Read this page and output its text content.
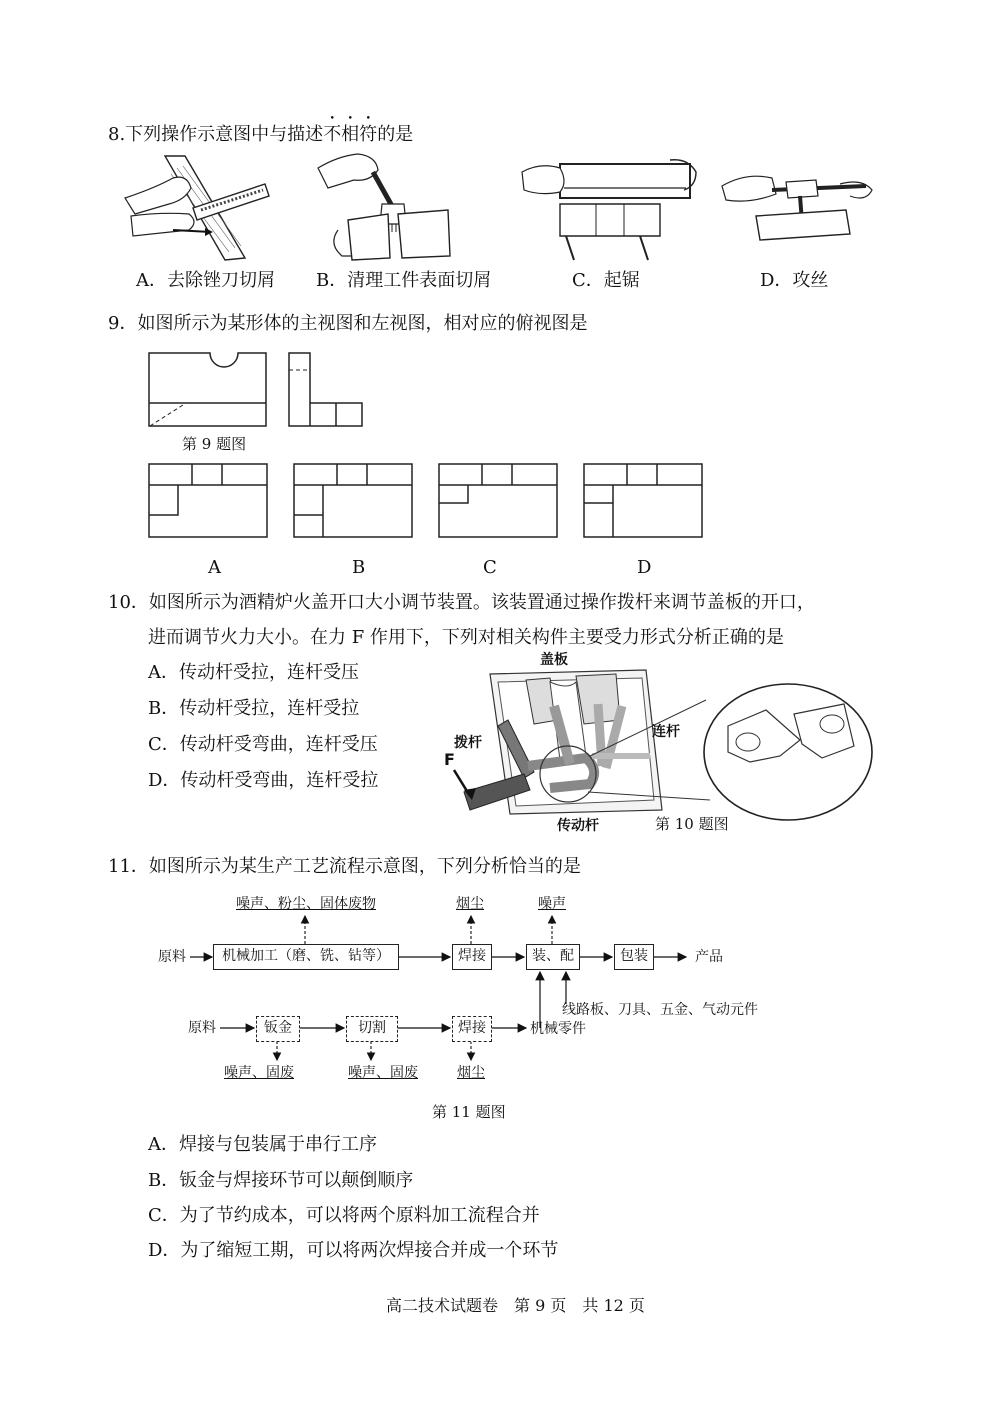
8.下列操作示意图中与描述不相符的是
A．去除锉刀切屑 B．清理工件表面切屑	C．起锯	D．攻丝
9．如图所示为某形体的主视图和左视图，相对应的俯视图是
第 9 题图
A	B	C	D
10．如图所示为酒精炉火盖开口大小调节装置。该装置通过操作拨杆来调节盖板的开口，
进而调节火力大小。在力 F 作用下，下列对相关构件主要受力形式分析正确的是
A．传动杆受拉，连杆受压
B．传动杆受拉，连杆受拉
C．传动杆受弯曲，连杆受压
D．传动杆受弯曲，连杆受拉
盖板
拨杆
连杆
F
传动杆	第 10 题图
11．如图所示为某生产工艺流程示意图，下列分析恰当的是
噪声、粉尘、固体废物	烟尘	噪声
原料	机械加工（磨、铣、钻等）	焊接	装、配	包装	产品
线路板、刀具、五金、气动元件
原料	钣金	切割	焊接	机械零件
噪声、固废	噪声、固废	烟尘
第 11 题图
A．焊接与包装属于串行工序
B．钣金与焊接环节可以颠倒顺序
C．为了节约成本，可以将两个原料加工流程合并
D．为了缩短工期，可以将两次焊接合并成一个环节
高二技术试题卷　第 9 页　共 12 页
